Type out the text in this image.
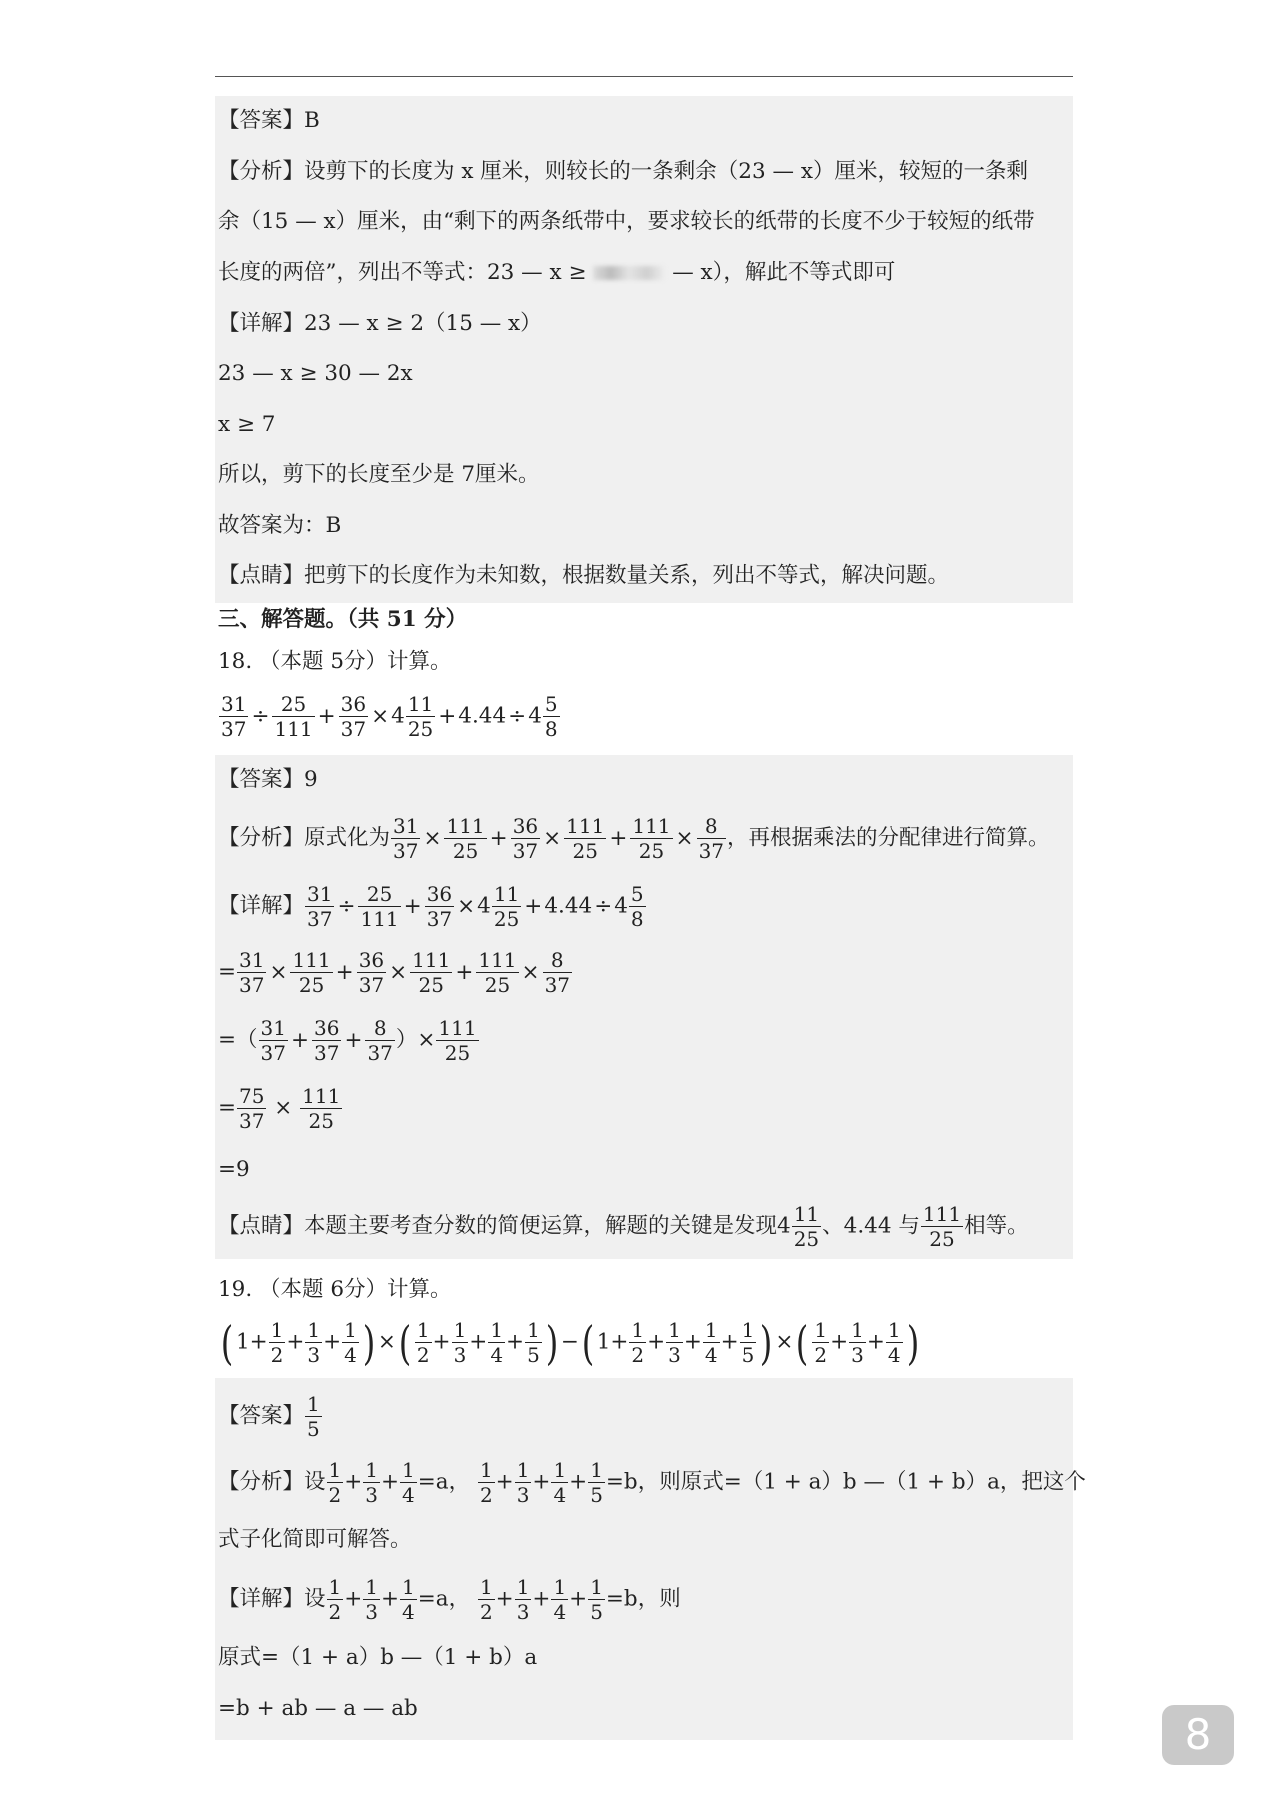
【答案】B
【分析】设剪下的长度为 x 厘米，则较长的一条剩余（23 — x）厘米，较短的一条剩
余（15 — x）厘米，由“剩下的两条纸带中，要求较长的纸带的长度不少于较短的纸带
长度的两倍”，列出不等式：23 — x ≥	— x），解此不等式即可
【详解】23 — x ≥ 2（15 — x）
23 — x ≥ 30 — 2x
x ≥ 7
所以，剪下的长度至少是 7厘米。
故答案为：B
【点睛】把剪下的长度作为未知数，根据数量关系，列出不等式，解决问题。
三、解答题。（共 51 分）
18. （本题 5分）计算。
$\frac{31}{37} \div \frac{25}{111} + \frac{36}{37} \times 4 \frac{11}{25} +4.44\div 4 \frac{5}{8}$
【答案】9
【分析】原式化为 $\frac{31}{37} \times \frac{111}{25} + \frac{36}{37} \times \frac{111}{25} + \frac{111}{25} \times \frac{8}{37}$ ，再根据乘法的分配律进行简算。
【详解】 $\frac{31}{37} \div \frac{25}{111} + \frac{36}{37} \times 4 \frac{11}{25} +4.44\div 4 \frac{5}{8}$
= $\frac{31}{37} \times \frac{111}{25} + \frac{36}{37} \times \frac{111}{25} + \frac{111}{25} \times \frac{8}{37}$
=（ $\frac{31}{37} + \frac{36}{37} + \frac{8}{37}$ ）× $\frac{111}{25}$
= $\frac{75}{37} \times \frac{111}{25}$
=9
【点睛】本题主要考查分数的简便运算，解题的关键是发现$4 \frac{11}{25}$ 、4.44 与 $\frac{111}{25}$ 相等。
19. （本题 6分）计算。
( $1+ \frac{1}{2} + \frac{1}{3} + \frac{1}{4}$ ) ×( $\frac{1}{2} + \frac{1}{3} + \frac{1}{4} + \frac{1}{5}$ ) −( $1+ \frac{1}{2} + \frac{1}{3} + \frac{1}{4} + \frac{1}{5}$ ) ×( $\frac{1}{2} + \frac{1}{3} + \frac{1}{4}$ )
【答案】 $\frac{1}{5}$
【分析】设 $\frac{1}{2} + \frac{1}{3} + \frac{1}{4} =a$， $\frac{1}{2} + \frac{1}{3} + \frac{1}{4} + \frac{1}{5} =b$，则原式=（1 + a）b —（1 + b）a，把这个
式子化简即可解答。
【详解】设 $\frac{1}{2} + \frac{1}{3} + \frac{1}{4} =a$， $\frac{1}{2} + \frac{1}{3} + \frac{1}{4} + \frac{1}{5} =b$，则
原式=（1 + a）b —（1 + b）a
=b + ab — a — ab
8
